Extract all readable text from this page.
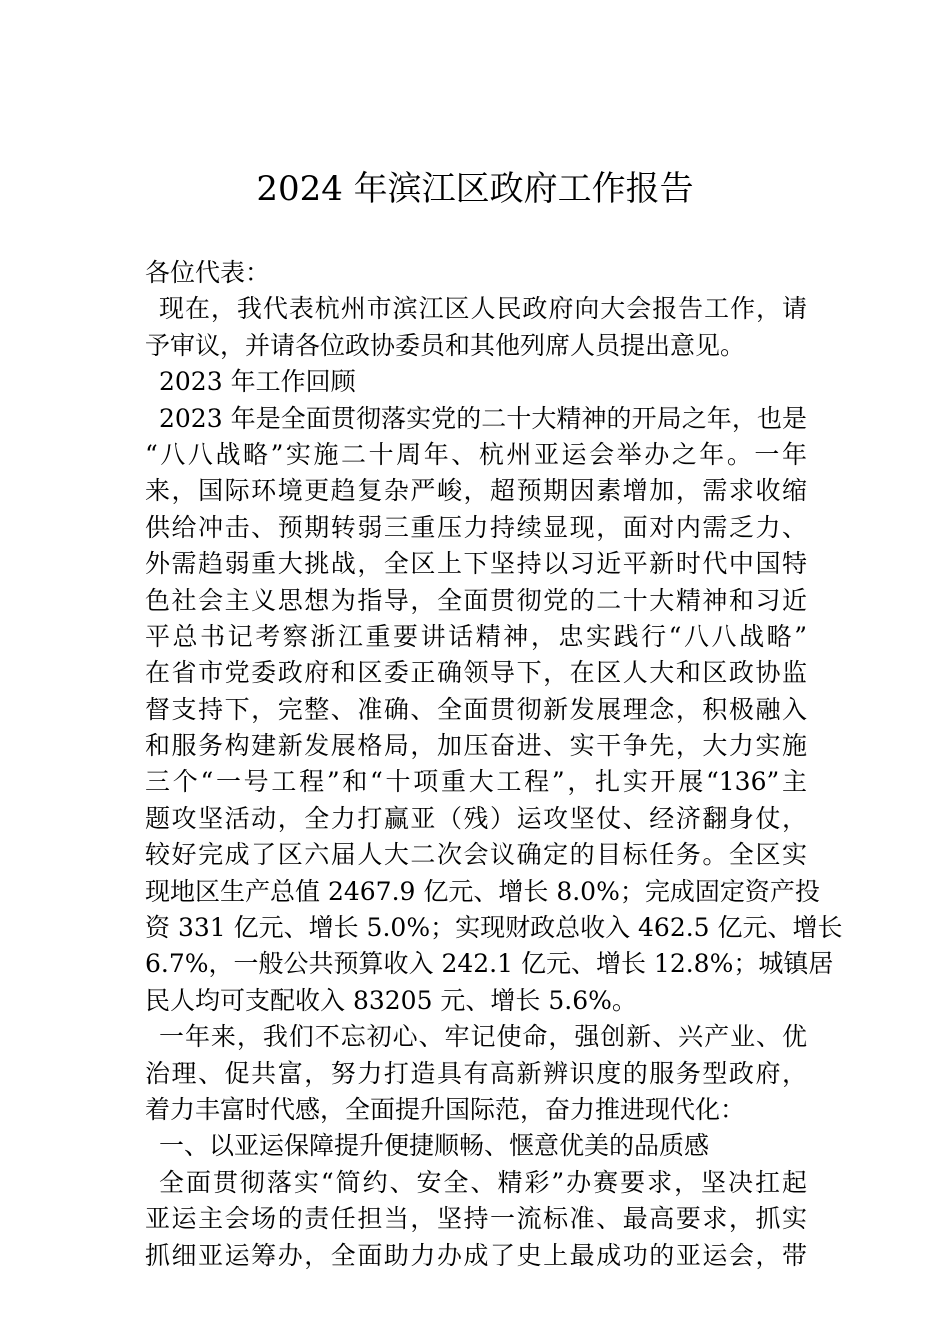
2024 年滨江区政府工作报告
各位代表：
现在，我代表杭州市滨江区人民政府向大会报告工作，请
予审议，并请各位政协委员和其他列席人员提出意见。
2023 年工作回顾
2023 年是全面贯彻落实党的二十大精神的开局之年，也是
“八八战略”实施二十周年、杭州亚运会举办之年。一年
来，国际环境更趋复杂严峻，超预期因素增加，需求收缩
供给冲击、预期转弱三重压力持续显现，面对内需乏力、
外需趋弱重大挑战，全区上下坚持以习近平新时代中国特
色社会主义思想为指导，全面贯彻党的二十大精神和习近
平总书记考察浙江重要讲话精神，忠实践行“八八战略”
在省市党委政府和区委正确领导下，在区人大和区政协监
督支持下，完整、准确、全面贯彻新发展理念，积极融入
和服务构建新发展格局，加压奋进、实干争先，大力实施
三个“一号工程”和“十项重大工程”，扎实开展“136”主
题攻坚活动，全力打赢亚（残）运攻坚仗、经济翻身仗，
较好完成了区六届人大二次会议确定的目标任务。全区实
现地区生产总值 2467.9 亿元、增长 8.0%；完成固定资产投
资 331 亿元、增长 5.0%；实现财政总收入 462.5 亿元、增长
6.7%，一般公共预算收入 242.1 亿元、增长 12.8%；城镇居
民人均可支配收入 83205 元、增长 5.6%。
一年来，我们不忘初心、牢记使命，强创新、兴产业、优
治理、促共富，努力打造具有高新辨识度的服务型政府，
着力丰富时代感，全面提升国际范，奋力推进现代化：
一、以亚运保障提升便捷顺畅、惬意优美的品质感
全面贯彻落实“简约、安全、精彩”办赛要求，坚决扛起
亚运主会场的责任担当，坚持一流标准、最高要求，抓实
抓细亚运筹办，全面助力办成了史上最成功的亚运会，带
